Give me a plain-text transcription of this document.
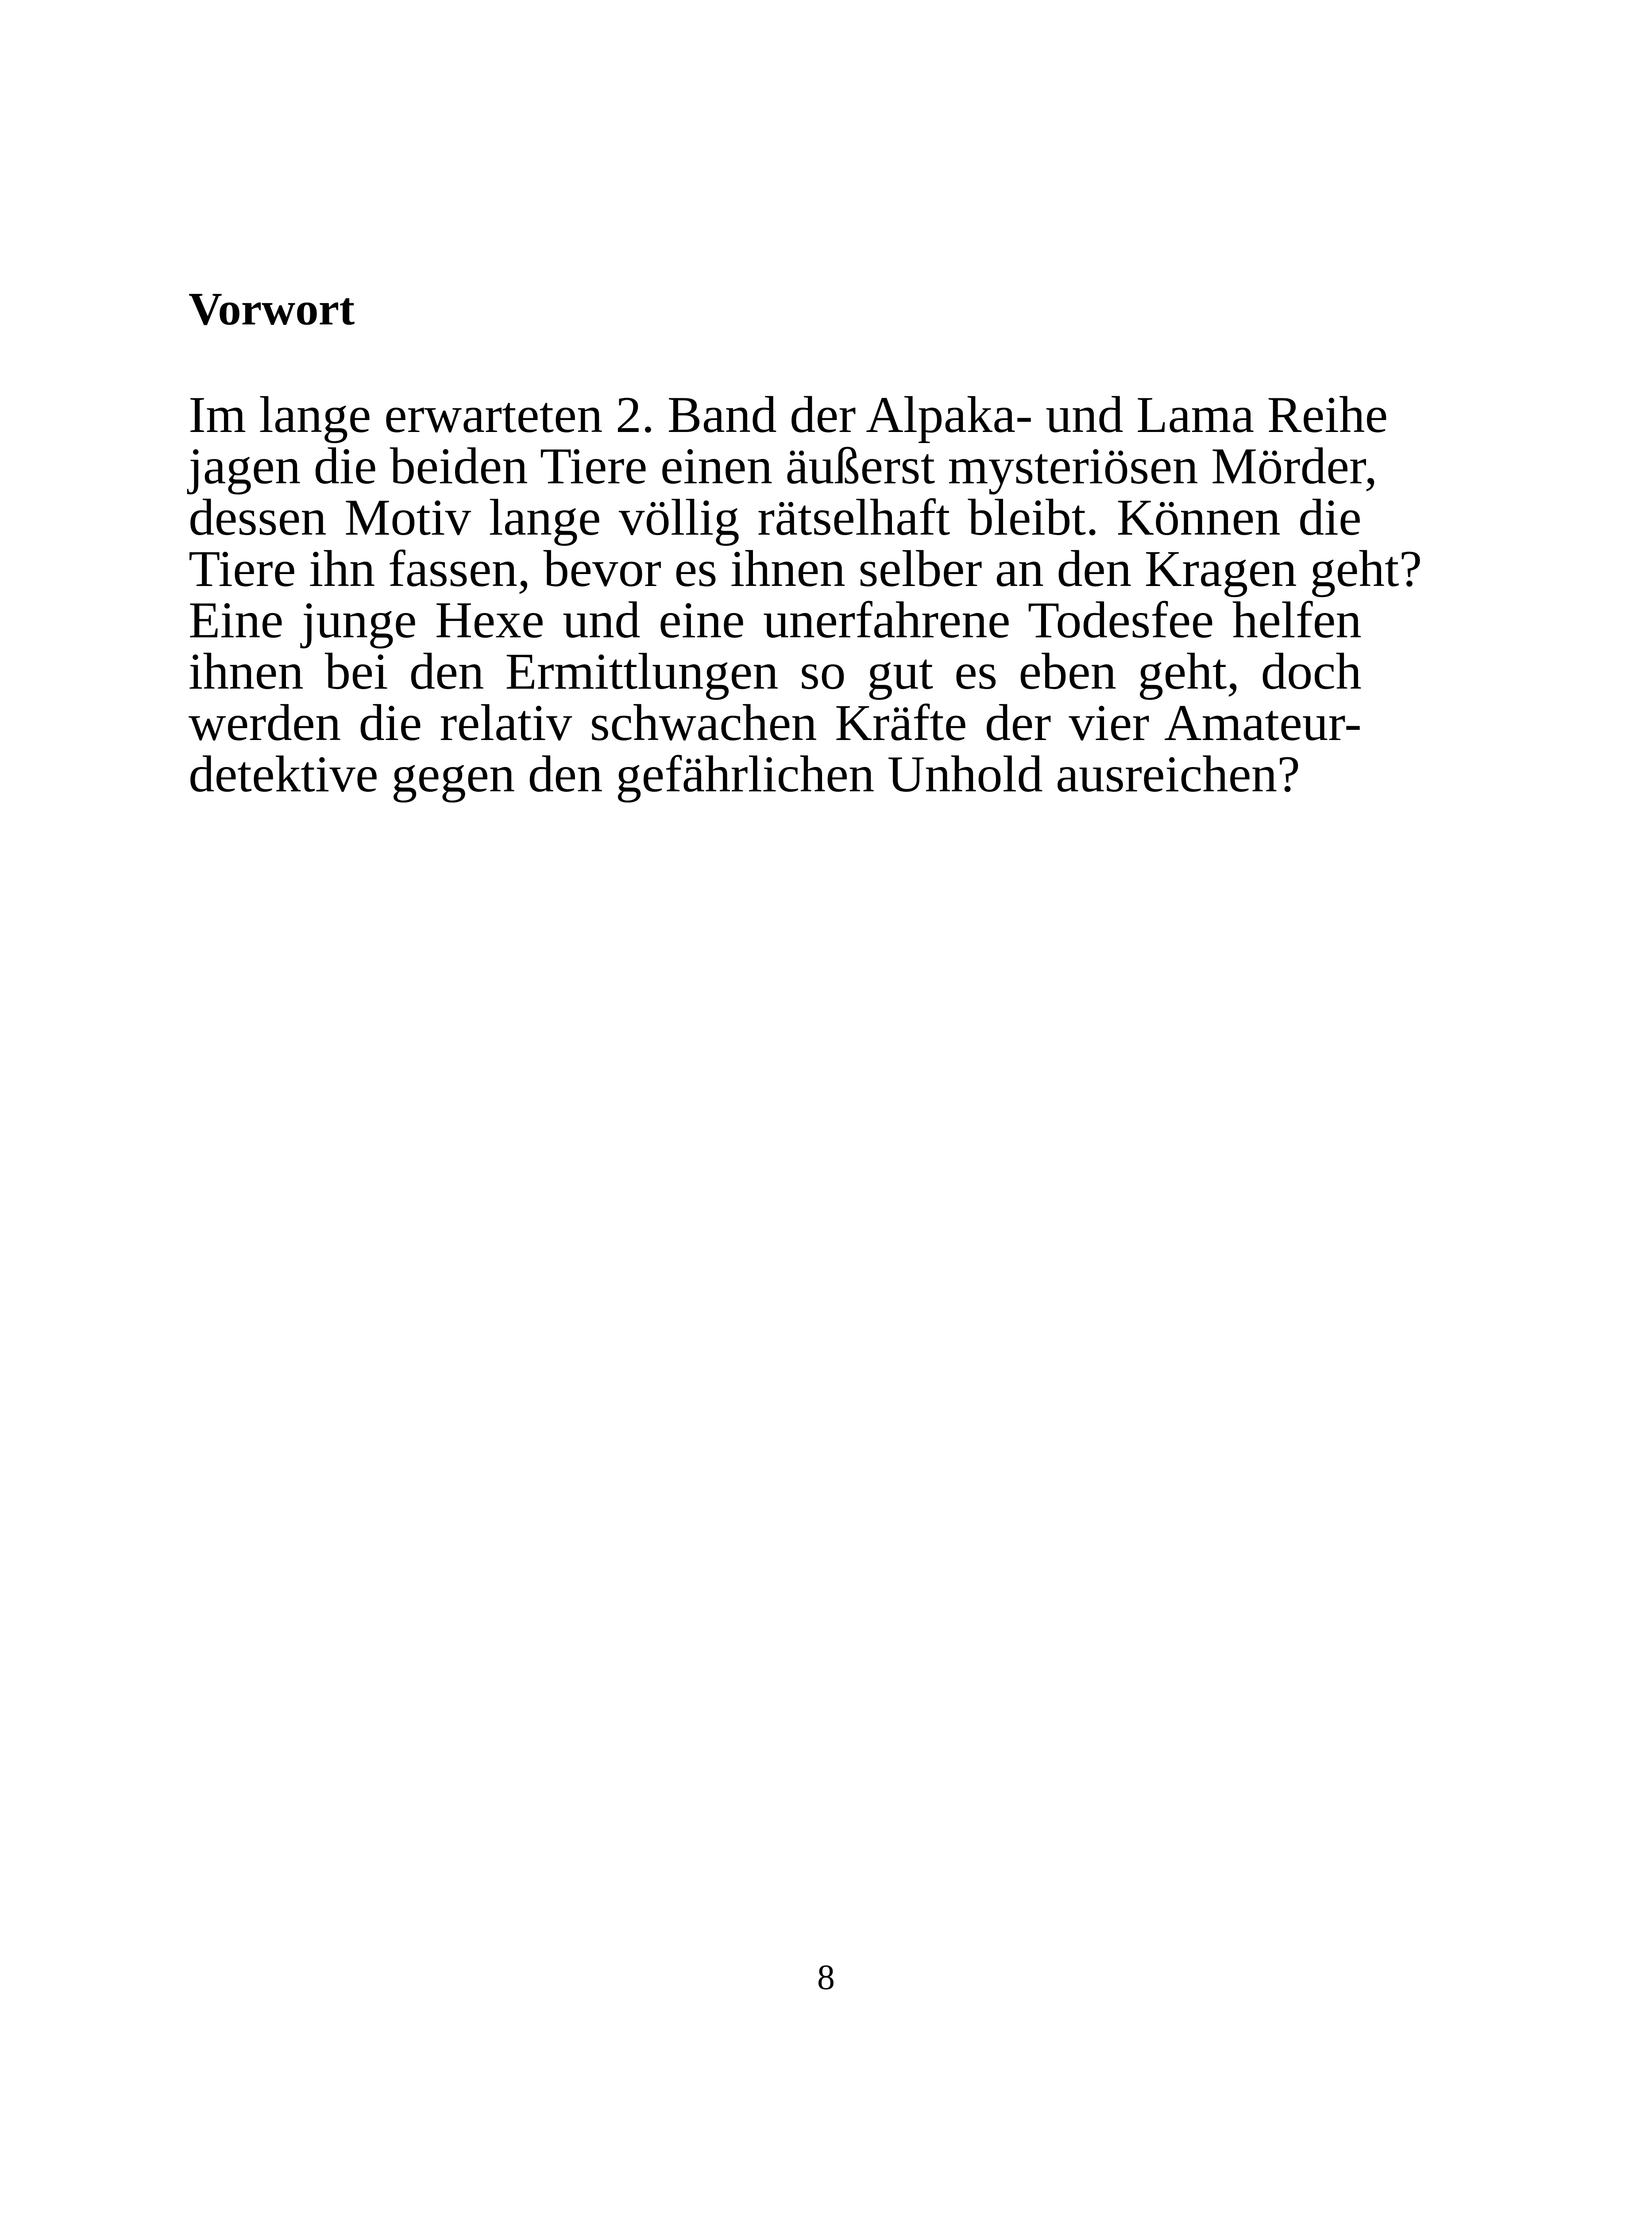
Vorwort
Im lange erwarteten 2. Band der Alpaka- und Lama Reihe
jagen die beiden Tiere einen äußerst mysteriösen Mörder,
dessen Motiv lange völlig rätselhaft bleibt. Können die
Tiere ihn fassen, bevor es ihnen selber an den Kragen geht?
Eine junge Hexe und eine unerfahrene Todesfee helfen
ihnen bei den Ermittlungen so gut es eben geht, doch
werden die relativ schwachen Kräfte der vier Amateur-
detektive gegen den gefährlichen Unhold ausreichen?
8
